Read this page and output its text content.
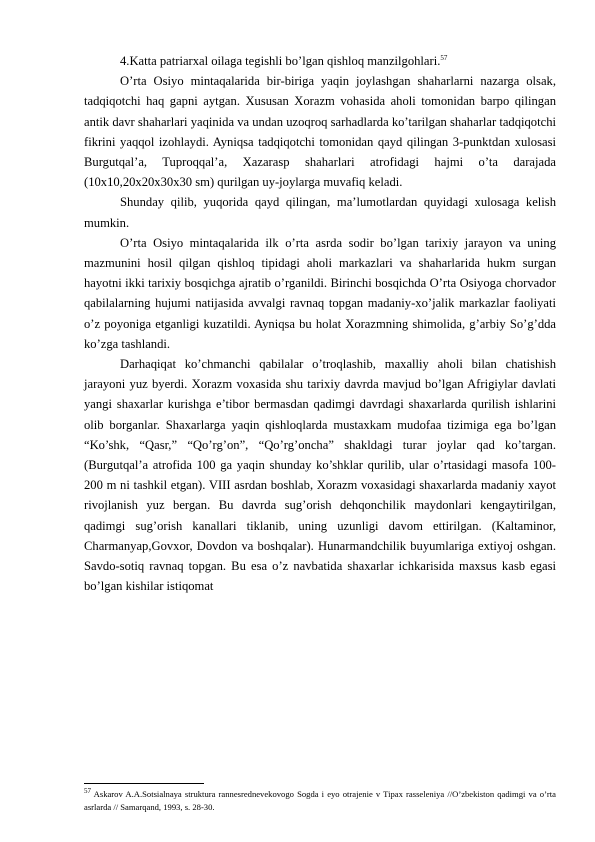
4.Katta patriarxal oilaga tegishli bo’lgan qishloq manzilgohlari.$^{57}$

O’rta Osiyo mintaqalarida bir-biriga yaqin joylashgan shaharlarni nazarga olsak, tadqiqotchi haq gapni aytgan. Xususan Xorazm vohasida aholi tomonidan barpo qilingan antik davr shaharlari yaqinida va undan uzoqroq sarhadlarda ko’tarilgan shaharlar tadqiqotchi fikrini yaqqol izohlaydi. Ayniqsa tadqiqotchi tomonidan qayd qilingan 3-punktdan xulosasi Burgutqal’a, Tuproqqal’a, Xazarasp shaharlari atrofidagi hajmi o’ta darajada (10x10,20x20x30x30 sm) qurilgan uy-joylarga muvafiq keladi.

Shunday qilib, yuqorida qayd qilingan, ma’lumotlardan quyidagi xulosaga kelish mumkin.

O’rta Osiyo mintaqalarida ilk o’rta asrda sodir bo’lgan tarixiy jarayon va uning mazmunini hosil qilgan qishloq tipidagi aholi markazlari va shaharlarida hukm surgan hayotni ikki tarixiy bosqichga ajratib o’rganildi. Birinchi bosqichda O’rta Osiyoga chorvador qabilalarning hujumi natijasida avvalgi ravnaq topgan madaniy-xo’jalik markazlar faoliyati o’z poyoniga etganligi kuzatildi. Ayniqsa bu holat Xorazmning shimolida, g’arbiy So’g’dda ko’zga tashlandi.

Darhaqiqat ko’chmanchi qabilalar o’troqlashib, maxalliy aholi bilan chatishish jarayoni yuz byerdi. Xorazm voxasida shu tarixiy davrda mavjud bo’lgan Afrigiylar davlati yangi shaxarlar kurishga e’tibor bermasdan qadimgi davrdagi shaxarlarda qurilish ishlarini olib borganlar. Shaxarlarga yaqin qishloqlarda mustaxkam mudofaa tizimiga ega bo’lgan “Ko’shk, “Qasr,” “Qo’rg’on”, “Qo’rg’oncha” shakldagi turar joylar qad ko’targan. (Burgutqal’a atrofida 100 ga yaqin shunday ko’shklar qurilib, ular o’rtasidagi masofa 100-200 m ni tashkil etgan). VIII asrdan boshlab, Xorazm voxasidagi shaxarlarda madaniy xayot rivojlanish yuz bergan. Bu davrda sug’orish dehqonchilik maydonlari kengaytirilgan, qadimgi sug’orish kanallari tiklanib, uning uzunligi davom ettirilgan. (Kaltaminor, Charmanyap,Govxor, Dovdon va boshqalar). Hunarmandchilik buyumlariga extiyoj oshgan. Savdo-sotiq ravnaq topgan. Bu esa o’z navbatida shaxarlar ichkarisida maxsus kasb egasi bo’lgan kishilar istiqomat

$^{57}$ Askarov A.A.Sotsialnaya struktura rannesrednevekovogo Sogda i eyo otrajenie v Tipax rasseleniya //O’zbekiston qadimgi va o’rta asrlarda // Samarqand, 1993, s. 28-30.
